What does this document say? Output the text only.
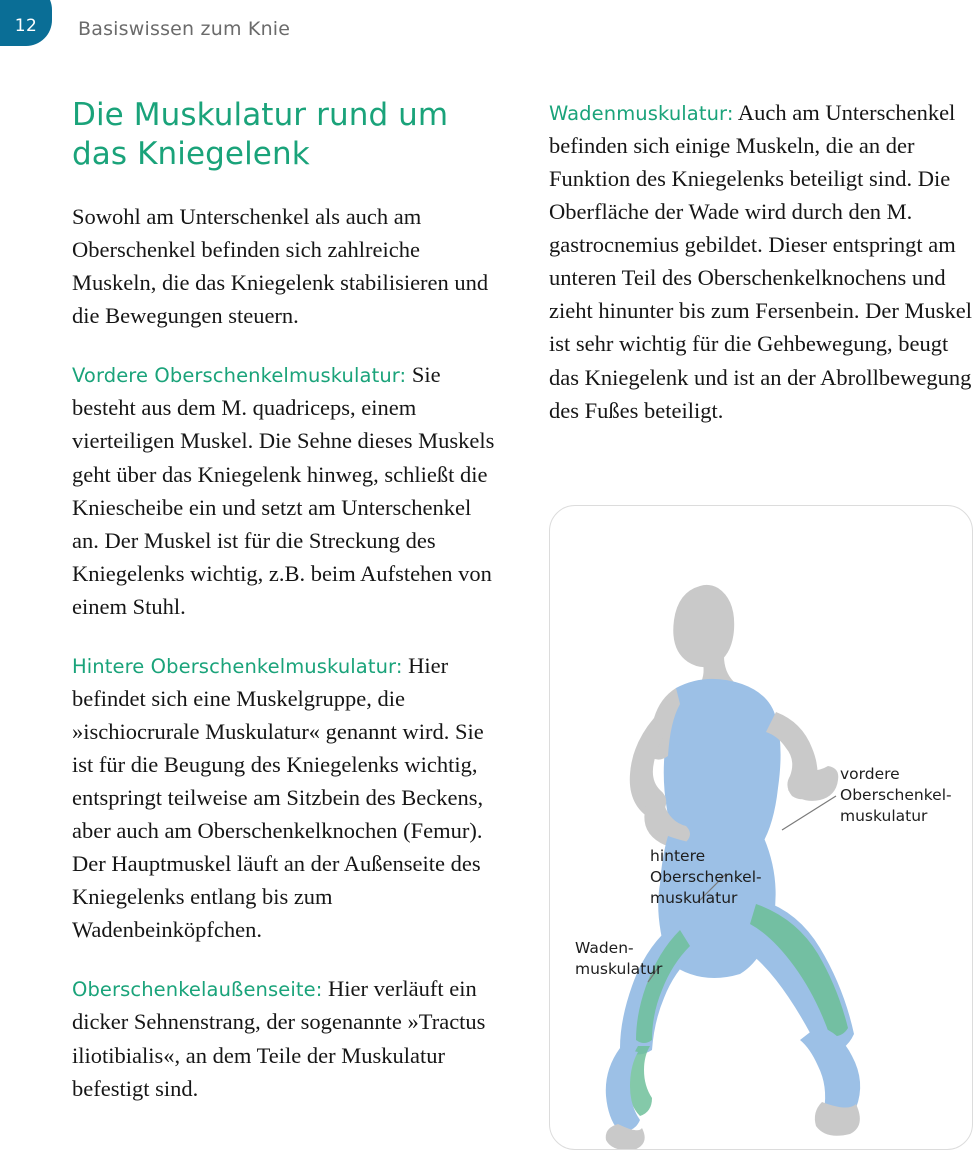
12 Basiswissen zum Knie
Die Muskulatur rund um das Kniegelenk

Sowohl am Unterschenkel als auch am Oberschenkel befinden sich zahlreiche Muskeln, die das Kniegelenk stabilisieren und die Bewegungen steuern.

Vordere Oberschenkelmuskulatur: Sie besteht aus dem M. quadriceps, einem vierteiligen Muskel. Die Sehne dieses Muskels geht über das Kniegelenk hinweg, schließt die Kniescheibe ein und setzt am Unterschenkel an. Der Muskel ist für die Streckung des Kniegelenks wichtig, z.B. beim Aufstehen von einem Stuhl.

Hintere Oberschenkelmuskulatur: Hier befindet sich eine Muskelgruppe, die »ischiocrurale Muskulatur« genannt wird. Sie ist für die Beugung des Kniegelenks wichtig, entspringt teilweise am Sitzbein des Beckens, aber auch am Oberschenkelknochen (Femur). Der Hauptmuskel läuft an der Außenseite des Kniegelenks entlang bis zum Wadenbeinköpfchen.

Oberschenkelaußenseite: Hier verläuft ein dicker Sehnenstrang, der sogenannte »Tractus iliotibialis«, an dem Teile der Muskulatur befestigt sind.

Wadenmuskulatur: Auch am Unterschenkel befinden sich einige Muskeln, die an der Funktion des Kniegelenks beteiligt sind. Die Oberfläche der Wade wird durch den M. gastrocnemius gebildet. Dieser entspringt am unteren Teil des Oberschenkelknochens und zieht hinunter bis zum Fersenbein. Der Muskel ist sehr wichtig für die Gehbewegung, beugt das Kniegelenk und ist an der Abrollbewegung des Fußes beteiligt.

vordere
Oberschenkel-
muskulatur
hintere
Oberschenkel-
muskulatur
Waden-
muskulatur
